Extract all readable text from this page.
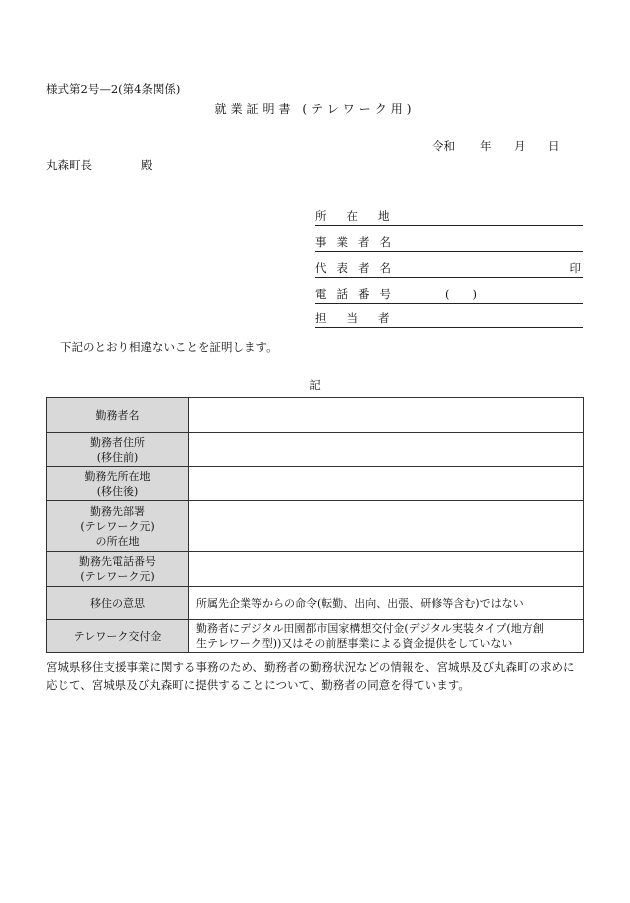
様式第2号—2(第4条関係)
就業証明書 (テレワーク用)
令和 年 月 日
丸森町長	殿
所在地
事業者名
代表者名	印
電話番号	(　　)
担当者
下記のとおり相違ないことを証明します。
記
勤務者名	

勤務者住所
(移住前)	

勤務先所在地
(移住後)	

勤務先部署
(テレワーク元)
の所在地	

勤務先電話番号
(テレワーク元)	

移住の意思	所属先企業等からの命令(転勤、出向、出張、研修等含む)ではない

テレワーク交付金	勤務者にデジタル田園都市国家構想交付金(デジタル実装タイプ(地方創
生テレワーク型))又はその前歴事業による資金提供をしていない
宮城県移住支援事業に関する事務のため、勤務者の勤務状況などの情報を、宮城県及び丸森町の求めに
応じて、宮城県及び丸森町に提供することについて、勤務者の同意を得ています。
